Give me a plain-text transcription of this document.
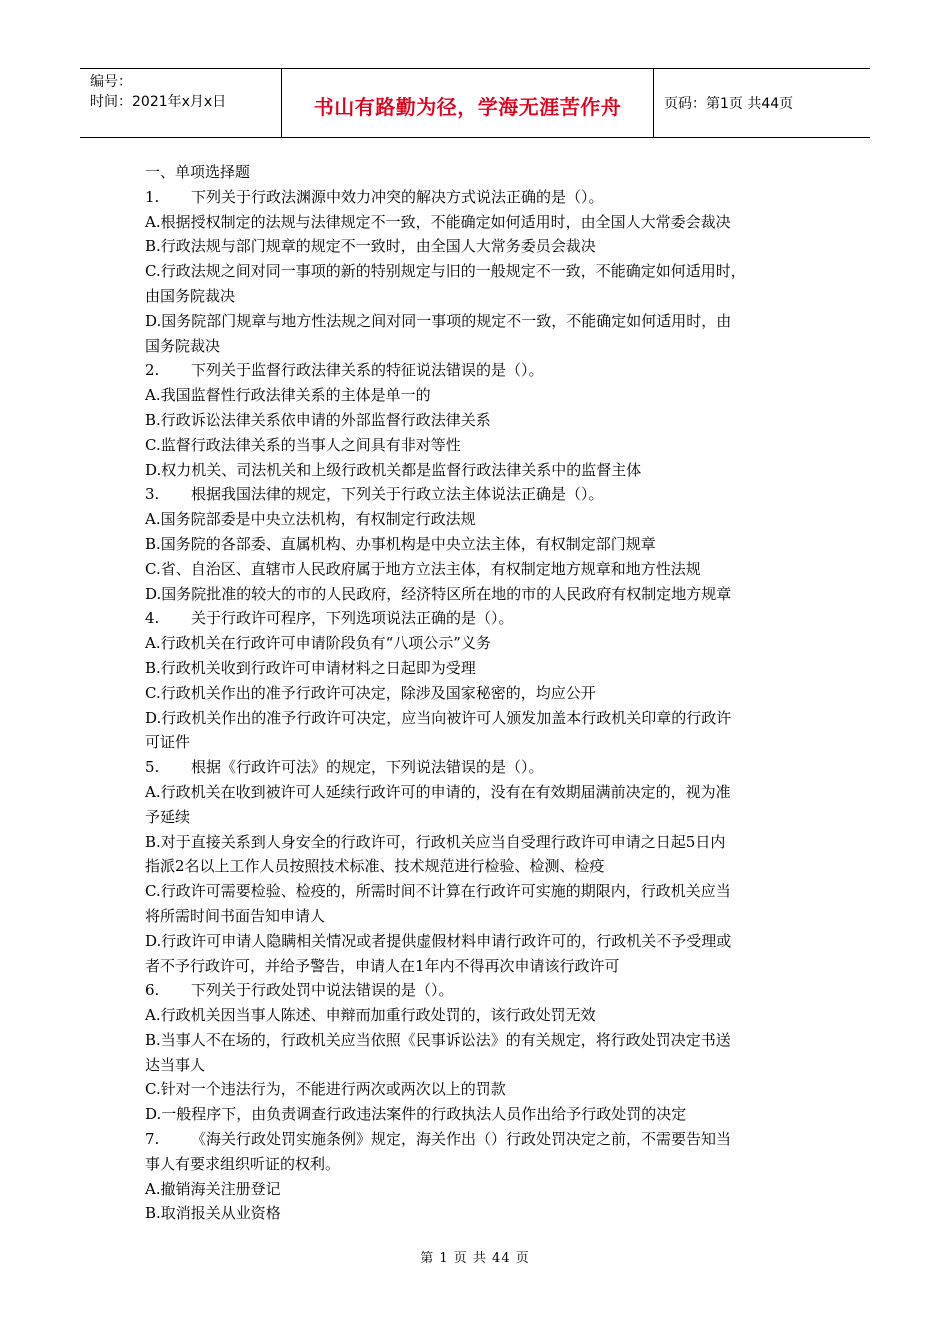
编号：
时间：2021年x月x日	书山有路勤为径，学海无涯苦作舟	页码：第1页 共44页
一、单项选择题
1. 下列关于行政法渊源中效力冲突的解决方式说法正确的是（）。
A.根据授权制定的法规与法律规定不一致，不能确定如何适用时，由全国人大常委会裁决
B.行政法规与部门规章的规定不一致时，由全国人大常务委员会裁决
C.行政法规之间对同一事项的新的特别规定与旧的一般规定不一致，不能确定如何适用时，
由国务院裁决
D.国务院部门规章与地方性法规之间对同一事项的规定不一致，不能确定如何适用时，由
国务院裁决
2. 下列关于监督行政法律关系的特征说法错误的是（）。
A.我国监督性行政法律关系的主体是单一的
B.行政诉讼法律关系依申请的外部监督行政法律关系
C.监督行政法律关系的当事人之间具有非对等性
D.权力机关、司法机关和上级行政机关都是监督行政法律关系中的监督主体
3. 根据我国法律的规定，下列关于行政立法主体说法正确是（）。
A.国务院部委是中央立法机构，有权制定行政法规
B.国务院的各部委、直属机构、办事机构是中央立法主体，有权制定部门规章
C.省、自治区、直辖市人民政府属于地方立法主体，有权制定地方规章和地方性法规
D.国务院批准的较大的市的人民政府，经济特区所在地的市的人民政府有权制定地方规章
4. 关于行政许可程序，下列选项说法正确的是（）。
A.行政机关在行政许可申请阶段负有“八项公示”义务
B.行政机关收到行政许可申请材料之日起即为受理
C.行政机关作出的准予行政许可决定，除涉及国家秘密的，均应公开
D.行政机关作出的准予行政许可决定，应当向被许可人颁发加盖本行政机关印章的行政许
可证件
5. 根据《行政许可法》的规定，下列说法错误的是（）。
A.行政机关在收到被许可人延续行政许可的申请的，没有在有效期届满前决定的，视为准
予延续
B.对于直接关系到人身安全的行政许可，行政机关应当自受理行政许可申请之日起5日内
指派2名以上工作人员按照技术标准、技术规范进行检验、检测、检疫
C.行政许可需要检验、检疫的，所需时间不计算在行政许可实施的期限内，行政机关应当
将所需时间书面告知申请人
D.行政许可申请人隐瞒相关情况或者提供虚假材料申请行政许可的，行政机关不予受理或
者不予行政许可，并给予警告，申请人在1年内不得再次申请该行政许可
6. 下列关于行政处罚中说法错误的是（）。
A.行政机关因当事人陈述、申辩而加重行政处罚的，该行政处罚无效
B.当事人不在场的，行政机关应当依照《民事诉讼法》的有关规定，将行政处罚决定书送
达当事人
C.针对一个违法行为，不能进行两次或两次以上的罚款
D.一般程序下，由负责调查行政违法案件的行政执法人员作出给予行政处罚的决定
7. 《海关行政处罚实施条例》规定，海关作出（）行政处罚决定之前，不需要告知当
事人有要求组织听证的权利。
A.撤销海关注册登记
B.取消报关从业资格
第 1 页 共 44 页
